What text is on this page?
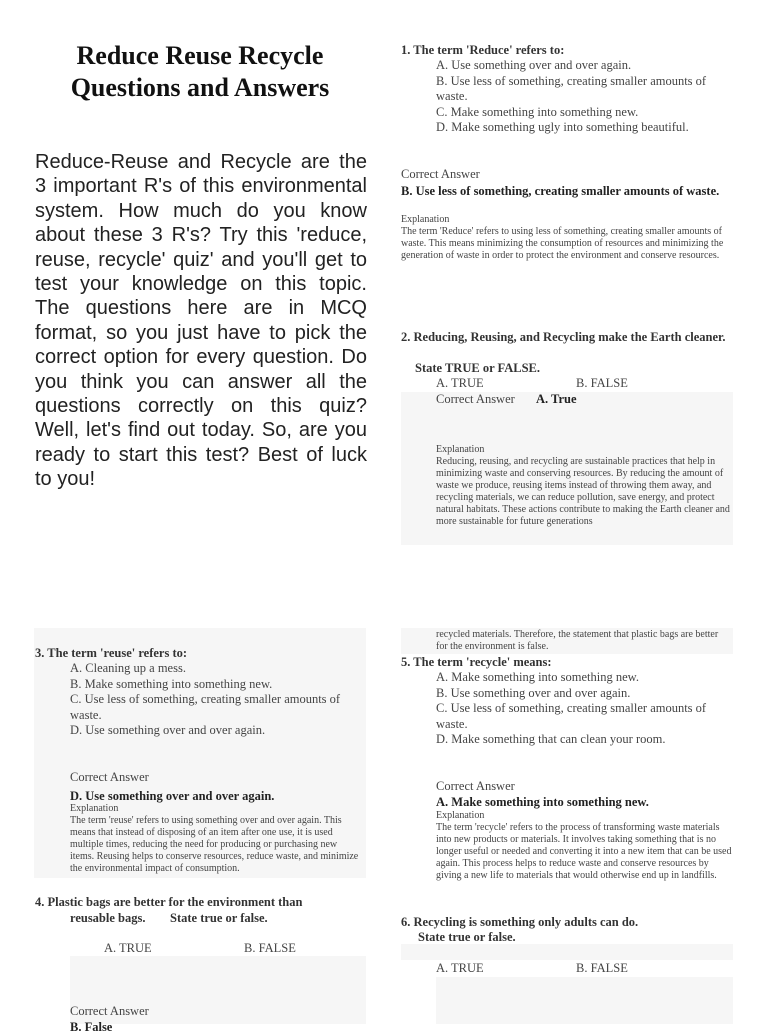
Reduce Reuse Recycle Questions and Answers
Reduce-Reuse and Recycle are the 3 important R's of this environmental system. How much do you know about these 3 R's? Try this 'reduce, reuse, recycle' quiz' and you'll get to test your knowledge on this topic. The questions here are in MCQ format, so you just have to pick the correct option for every question. Do you think you can answer all the questions correctly on this quiz? Well, let's find out today. So, are you ready to start this test? Best of luck to you!
1. The term 'Reduce' refers to:
A. Use something over and over again.
B. Use less of something, creating smaller amounts of waste.
C. Make something into something new.
D. Make something ugly into something beautiful.
Correct Answer
B. Use less of something, creating smaller amounts of waste.
Explanation
The term 'Reduce' refers to using less of something, creating smaller amounts of waste. This means minimizing the consumption of resources and minimizing the generation of waste in order to protect the environment and conserve resources.
2. Reducing, Reusing, and Recycling make the Earth cleaner.
State TRUE or FALSE.
A. TRUE	B. FALSE
Correct Answer A. True
Explanation
Reducing, reusing, and recycling are sustainable practices that help in minimizing waste and conserving resources. By reducing the amount of waste we produce, reusing items instead of throwing them away, and recycling materials, we can reduce pollution, save energy, and protect natural habitats. These actions contribute to making the Earth cleaner and more sustainable for future generations
3. The term 'reuse' refers to:
A. Cleaning up a mess.
B. Make something into something new.
C. Use less of something, creating smaller amounts of waste.
D. Use something over and over again.
Correct Answer
D. Use something over and over again.
Explanation
The term 'reuse' refers to using something over and over again. This means that instead of disposing of an item after one use, it is used multiple times, reducing the need for producing or purchasing new items. Reusing helps to conserve resources, reduce waste, and minimize the environmental impact of consumption.
4. Plastic bags are better for the environment than
reusable bags. State true or false.
A. TRUE	B. FALSE
Correct Answer
B. False
recycled materials. Therefore, the statement that plastic bags are better for the environment is false.
5. The term 'recycle' means:
A. Make something into something new.
B. Use something over and over again.
C. Use less of something, creating smaller amounts of waste.
D. Make something that can clean your room.
Correct Answer
A. Make something into something new.
Explanation
The term 'recycle' refers to the process of transforming waste materials into new products or materials. It involves taking something that is no longer useful or needed and converting it into a new item that can be used again. This process helps to reduce waste and conserve resources by giving a new life to materials that would otherwise end up in landfills.
6. Recycling is something only adults can do.
State true or false.
A. TRUE	B. FALSE
